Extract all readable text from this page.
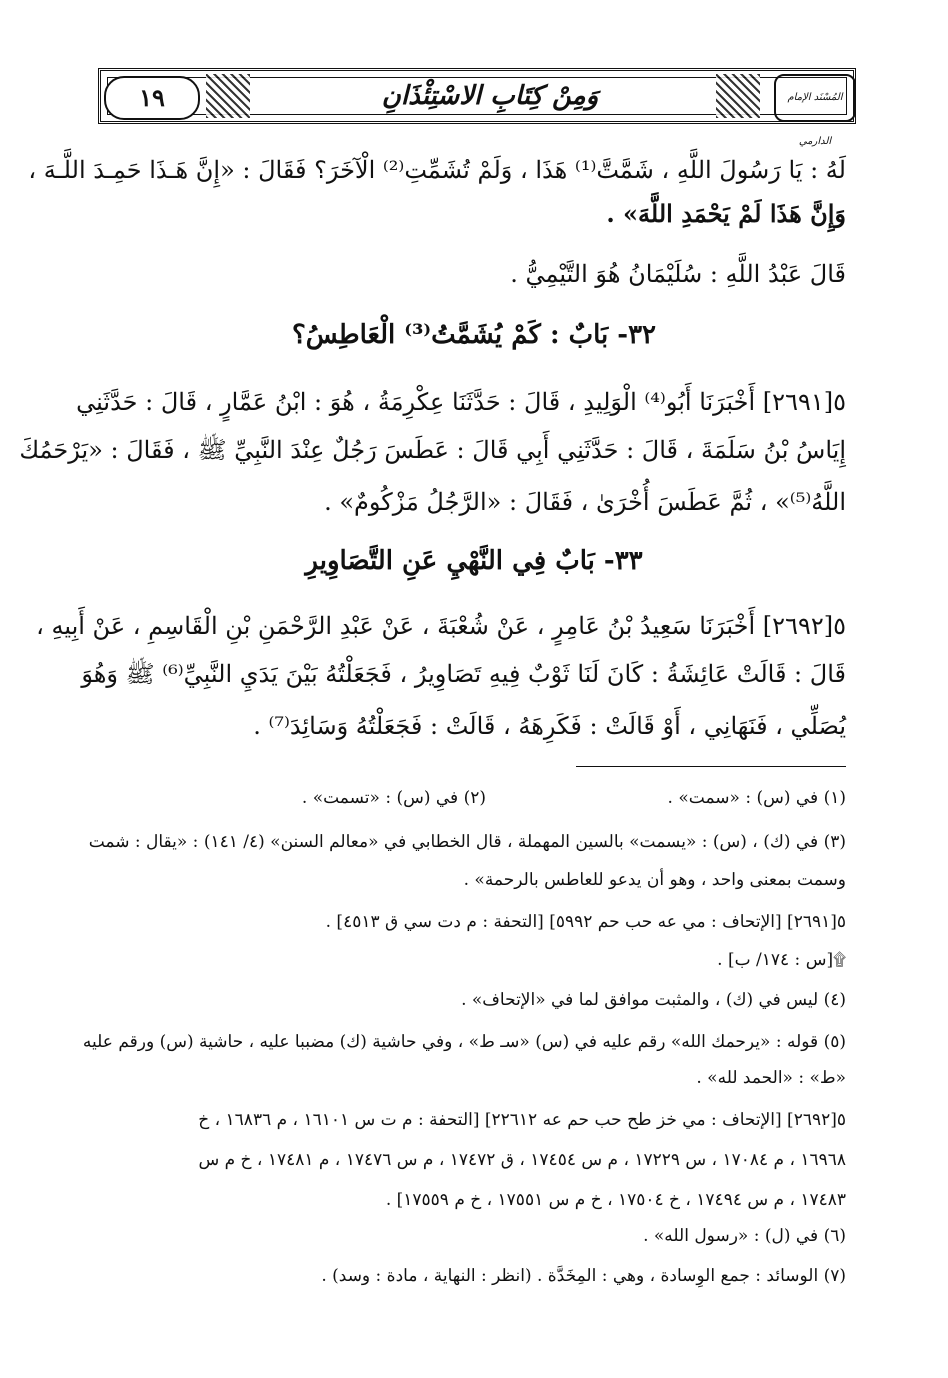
١٩	وَمِنْ كِتَابِ الاسْتِئْذَانِ	المُسْنَد الإمام الدارمي
لَهُ : يَا رَسُولَ اللَّهِ ، شَمَّتَّ⁽¹⁾ هَذَا ، وَلَمْ تُشَمِّتِ⁽²⁾ الْآخَرَ؟ فَقَالَ : «إِنَّ هَـذَا حَمِـدَ اللَّـهَ ،
وَإِنَّ هَذَا لَمْ يَحْمَدِ اللَّهَ» .
قَالَ عَبْدُ اللَّهِ : سُلَيْمَانُ هُوَ التَّيْمِيُّ .
٣٢- بَابٌ : كَمْ يُشَمَّتُ⁽³⁾ الْعَاطِسُ؟
٥[٢٦٩١] أَخْبَرَنَا أَبُو⁽⁴⁾ الْوَلِيدِ ، قَالَ : حَدَّثَنَا عِكْرِمَةُ ، هُوَ : ابْنُ عَمَّارٍ ، قَالَ : حَدَّثَنِي
إِيَاسُ بْنُ سَلَمَةَ ، قَالَ : حَدَّثَنِي أَبِي قَالَ : عَطَسَ رَجُلٌ عِنْدَ النَّبِيِّ ﷺ ، فَقَالَ : «يَرْحَمُكَ
اللَّهُ⁽⁵⁾» ، ثُمَّ عَطَسَ أُخْرَىٰ ، فَقَالَ : «الرَّجُلُ مَزْكُومٌ» .
٣٣- بَابٌ فِي النَّهْيِ عَنِ التَّصَاوِيرِ
٥[٢٦٩٢] أَخْبَرَنَا سَعِيدُ بْنُ عَامِرٍ ، عَنْ شُعْبَةَ ، عَنْ عَبْدِ الرَّحْمَنِ بْنِ الْقَاسِمِ ، عَنْ أَبِيهِ ،
قَالَ : قَالَتْ عَائِشَةُ : كَانَ لَنَا ثَوْبٌ فِيهِ تَصَاوِيرُ ، فَجَعَلْتُهُ بَيْنَ يَدَيِ النَّبِيِّ⁽⁶⁾ ﷺ وَهُوَ
يُصَلِّي ، فَنَهَانِي ، أَوْ قَالَتْ : فَكَرِهَهُ ، قَالَتْ : فَجَعَلْتُهُ وَسَائِدَ⁽⁷⁾ .
(١) في (س) : «سمت» .
(٢) في (س) : «تسمت» .
(٣) في (ك) ، (س) : «يسمت» بالسين المهملة ، قال الخطابي في «معالم السنن» (٤/ ١٤١) : «يقال : شمت
وسمت بمعنى واحد ، وهو أن يدعو للعاطس بالرحمة» .
٥[٢٦٩١] [الإتحاف : مي عه حب حم ٥٩٩٢] [التحفة : م دت سي ق ٤٥١٣] .
۩[س : ١٧٤/ ب] .
(٤) ليس في (ك) ، والمثبت موافق لما في «الإتحاف» .
(٥) قوله : «يرحمك الله» رقم عليه في (س) «سـ ط» ، وفي حاشية (ك) مضببا عليه ، حاشية (س) ورقم عليه
«ط» : «الحمد لله» .
٥[٢٦٩٢] [الإتحاف : مي خز طح حب حم عه ٢٢٦١٢] [التحفة : م ت س ١٦١٠١ ، م ١٦٨٣٦ ، خ
١٦٩٦٨ ، م ١٧٠٨٤ ، س ١٧٢٢٩ ، م س ١٧٤٥٤ ، ق ١٧٤٧٢ ، م س ١٧٤٧٦ ، م ١٧٤٨١ ، خ م س
١٧٤٨٣ ، م س ١٧٤٩٤ ، خ ١٧٥٠٤ ، خ م س ١٧٥٥١ ، خ م ١٧٥٥٩] .
(٦) في (ل) : «رسول الله» .
(٧) الوسائد : جمع الوِسادة ، وهي : المِخَدَّة . (انظر : النهاية ، مادة : وسد) .
